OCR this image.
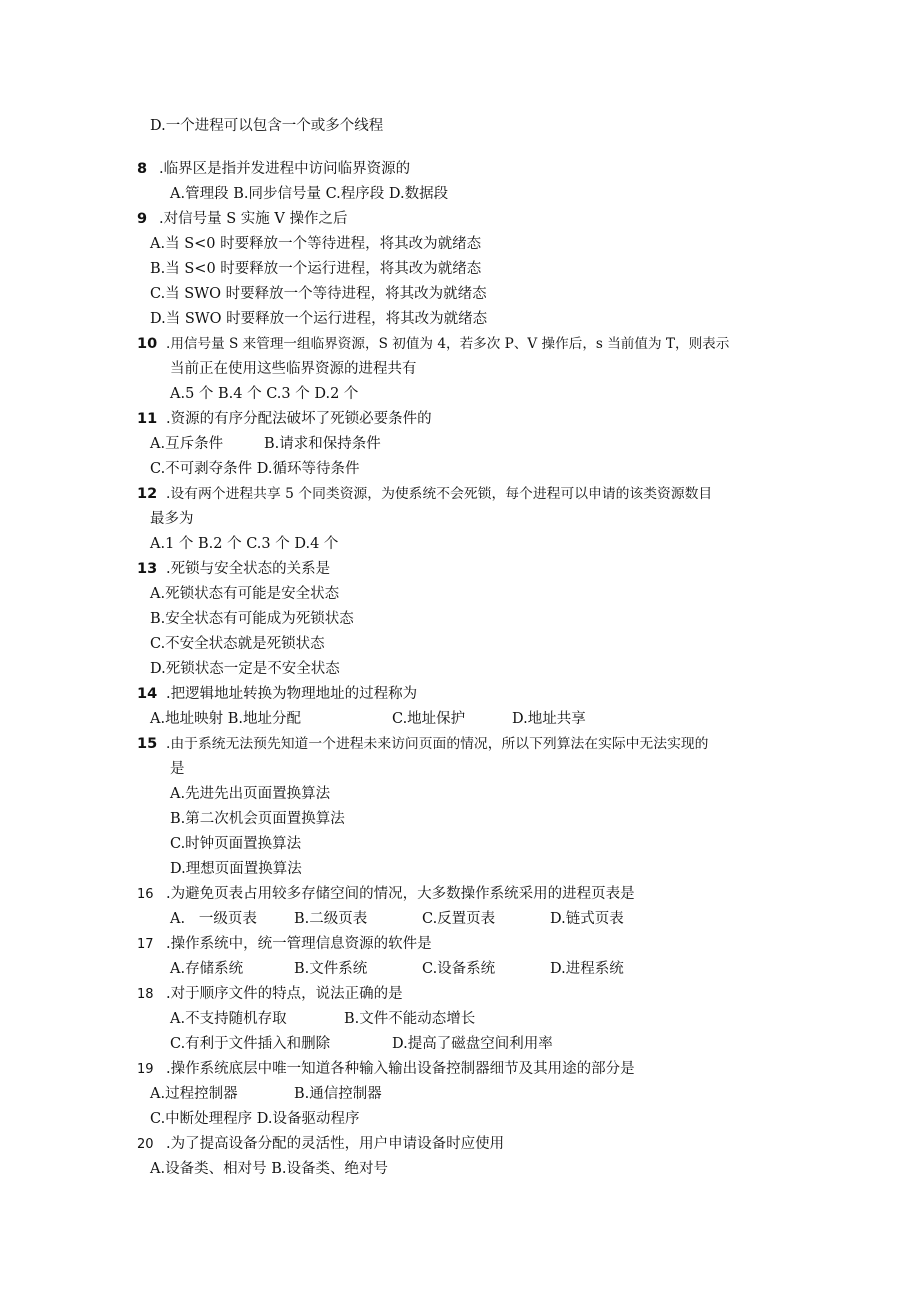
D.一个进程可以包含一个或多个线程
8 .临界区是指并发进程中访问临界资源的
A.管理段 B.同步信号量 C.程序段 D.数据段
9 .对信号量 S 实施 V 操作之后
A.当 S<0 时要释放一个等待进程，将其改为就绪态
B.当 S<0 时要释放一个运行进程，将其改为就绪态
C.当 SWO 时要释放一个等待进程，将其改为就绪态
D.当 SWO 时要释放一个运行进程，将其改为就绪态
10 .用信号量 S 来管理一组临界资源，S 初值为 4，若多次 P、V 操作后，s 当前值为 T，则表示
当前正在使用这些临界资源的进程共有
A.5 个 B.4 个 C.3 个 D.2 个
11 .资源的有序分配法破坏了死锁必要条件的
A.互斥条件	B.请求和保持条件
C.不可剥夺条件 D.循环等待条件
12 .设有两个进程共享 5 个同类资源，为使系统不会死锁，每个进程可以申请的该类资源数目
最多为
A.1 个 B.2 个 C.3 个 D.4 个
13 .死锁与安全状态的关系是
A.死锁状态有可能是安全状态
B.安全状态有可能成为死锁状态
C.不安全状态就是死锁状态
D.死锁状态一定是不安全状态
14 .把逻辑地址转换为物理地址的过程称为
A.地址映射 B.地址分配	C.地址保护	D.地址共享
15 .由于系统无法预先知道一个进程未来访问页面的情况，所以下列算法在实际中无法实现的
是
A.先进先出页面置换算法
B.第二次机会页面置换算法
C.时钟页面置换算法
D.理想页面置换算法
16 .为避免页表占用较多存储空间的情况，大多数操作系统采用的进程页表是
A.   一级页表	B.二级页表	C.反置页表	D.链式页表
17 .操作系统中，统一管理信息资源的软件是
A.存储系统	B.文件系统	C.设备系统	D.进程系统
18 .对于顺序文件的特点，说法正确的是
A.不支持随机存取	B.文件不能动态增长
C.有利于文件插入和删除	D.提高了磁盘空间利用率
19 .操作系统底层中唯一知道各种输入输出设备控制器细节及其用途的部分是
A.过程控制器	B.通信控制器
C.中断处理程序 D.设备驱动程序
20 .为了提高设备分配的灵活性，用户申请设备时应使用
A.设备类、相对号 B.设备类、绝对号
